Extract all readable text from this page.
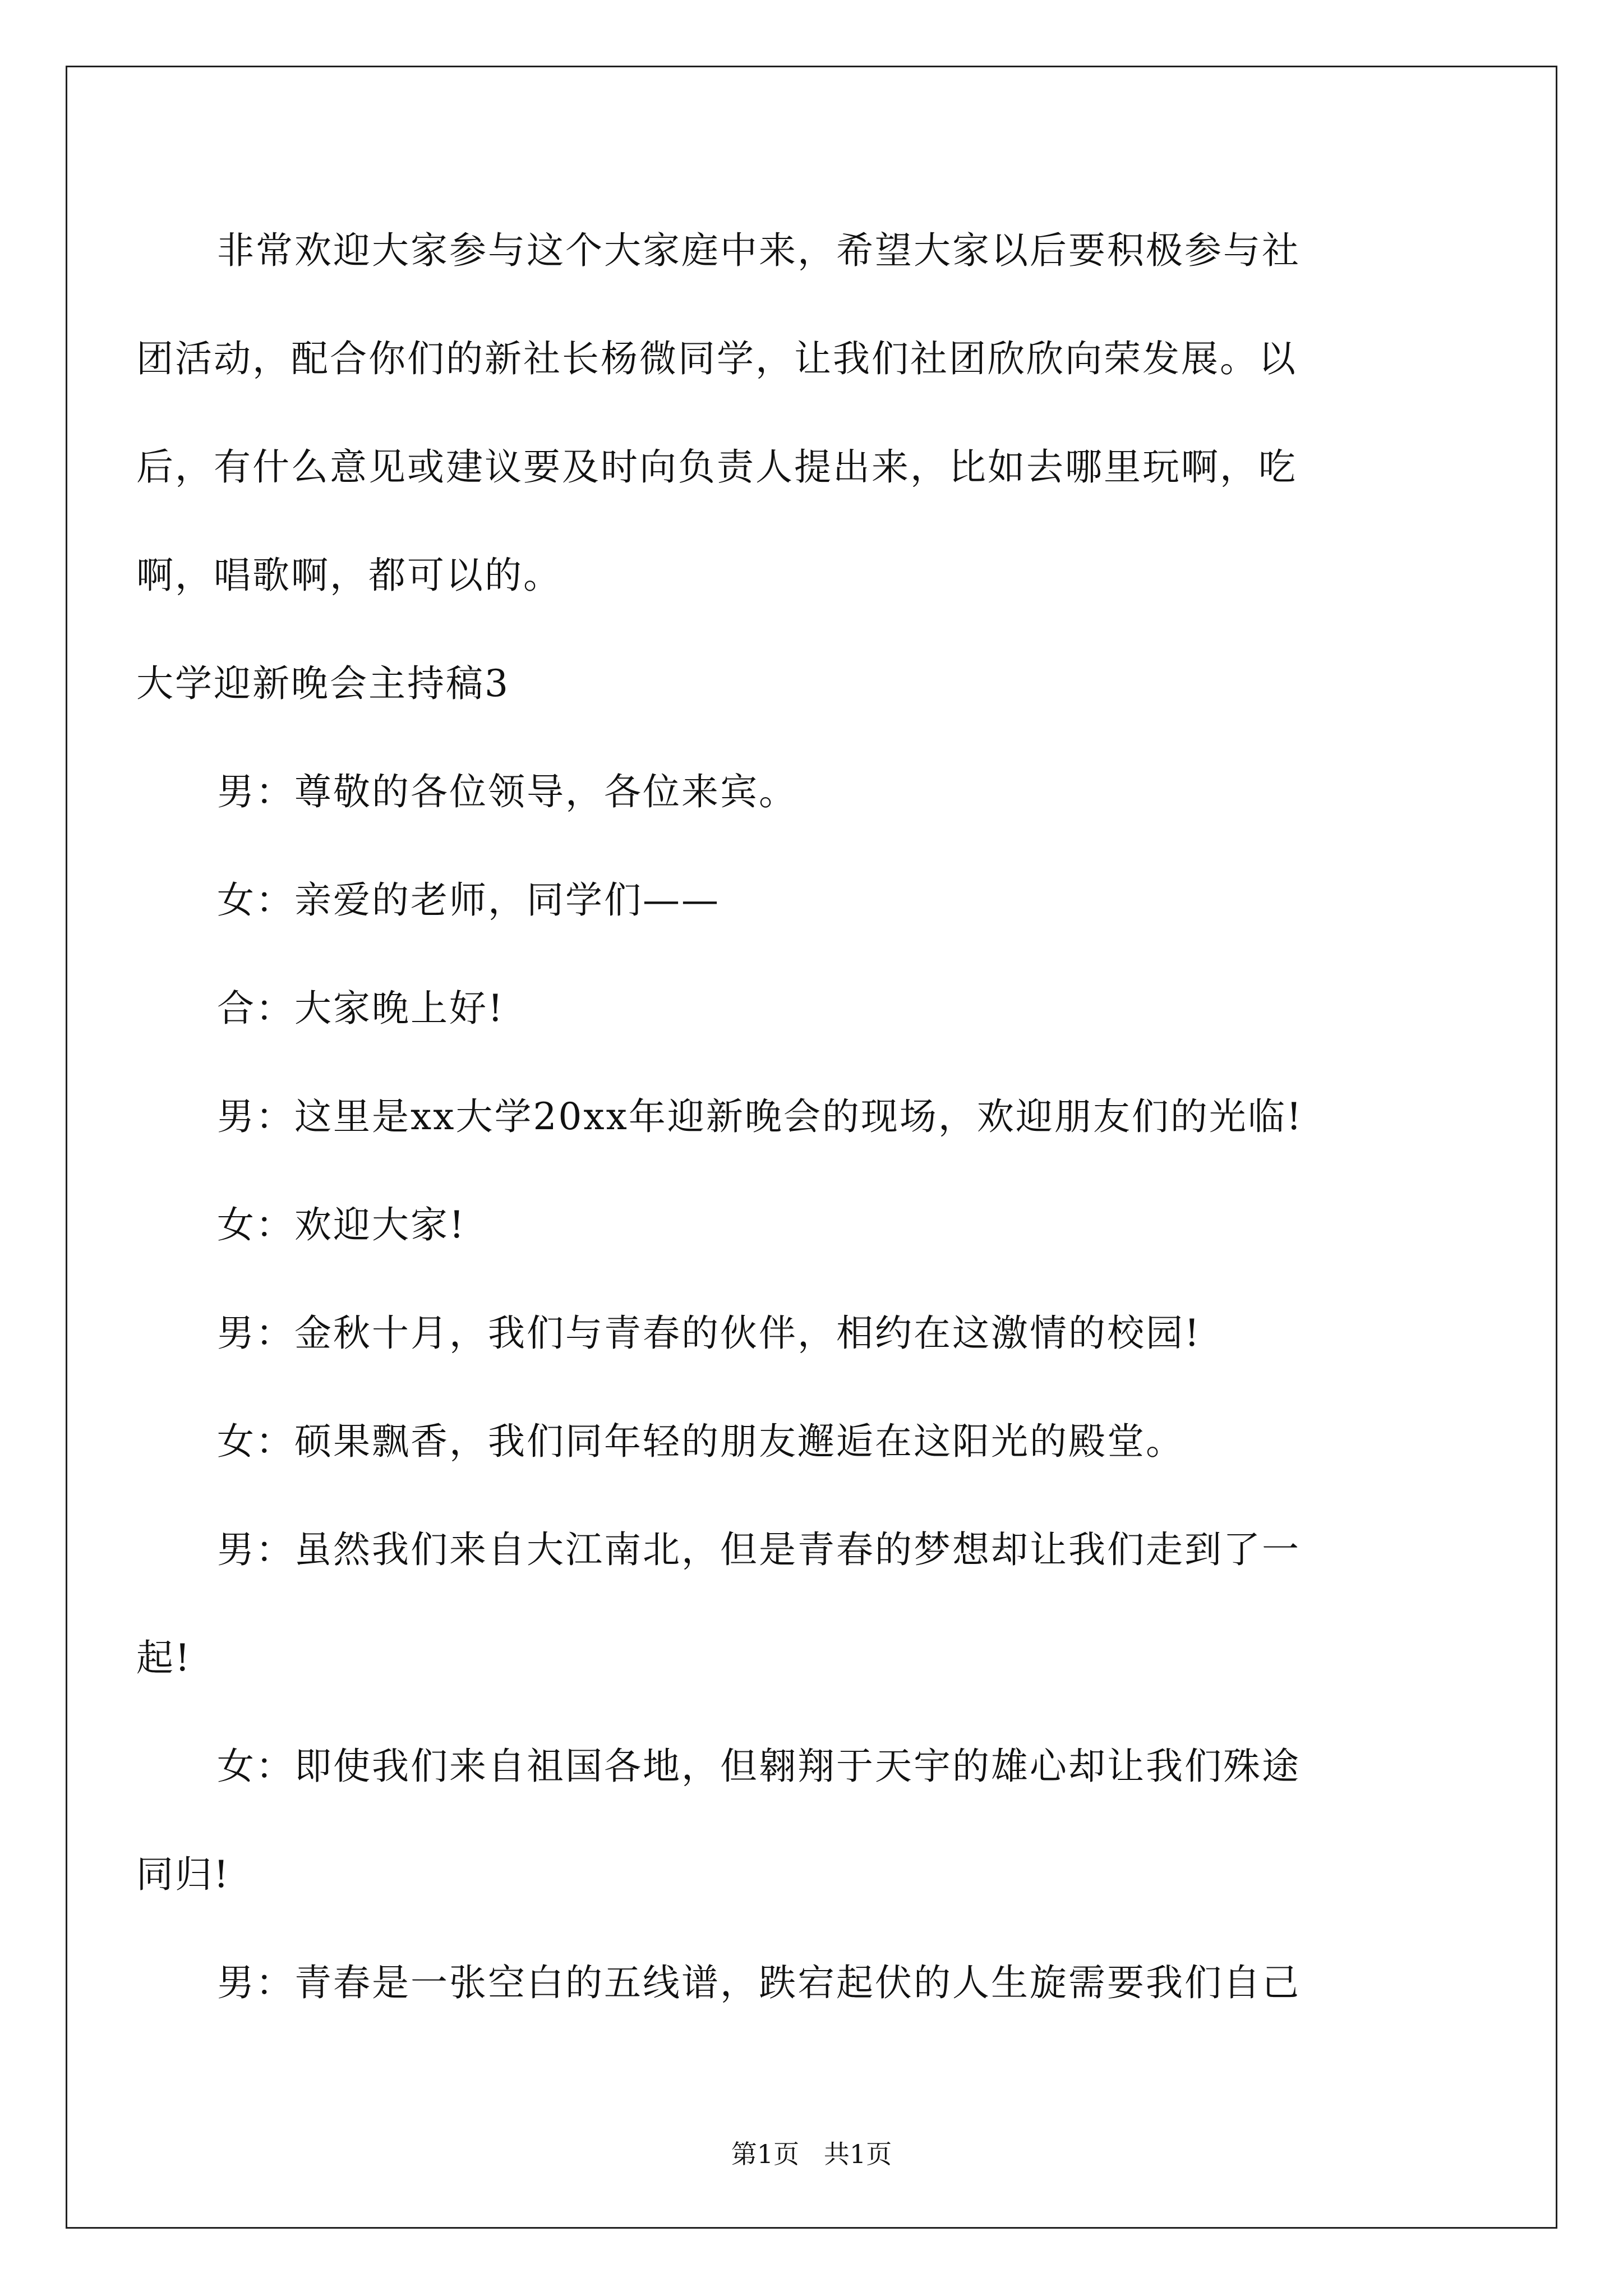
非常欢迎大家参与这个大家庭中来，希望大家以后要积极参与社
团活动，配合你们的新社长杨微同学，让我们社团欣欣向荣发展。以
后，有什么意见或建议要及时向负责人提出来，比如去哪里玩啊，吃
啊，唱歌啊，都可以的。
大学迎新晚会主持稿3
男：尊敬的各位领导，各位来宾。
女：亲爱的老师，同学们——
合：大家晚上好!
男：这里是xx大学20xx年迎新晚会的现场，欢迎朋友们的光临!
女：欢迎大家!
男：金秋十月，我们与青春的伙伴，相约在这激情的校园!
女：硕果飘香，我们同年轻的朋友邂逅在这阳光的殿堂。
男：虽然我们来自大江南北，但是青春的梦想却让我们走到了一
起!
女：即使我们来自祖国各地，但翱翔于天宇的雄心却让我们殊途
同归!
男：青春是一张空白的五线谱，跌宕起伏的人生旋需要我们自己
第1页   共1页
